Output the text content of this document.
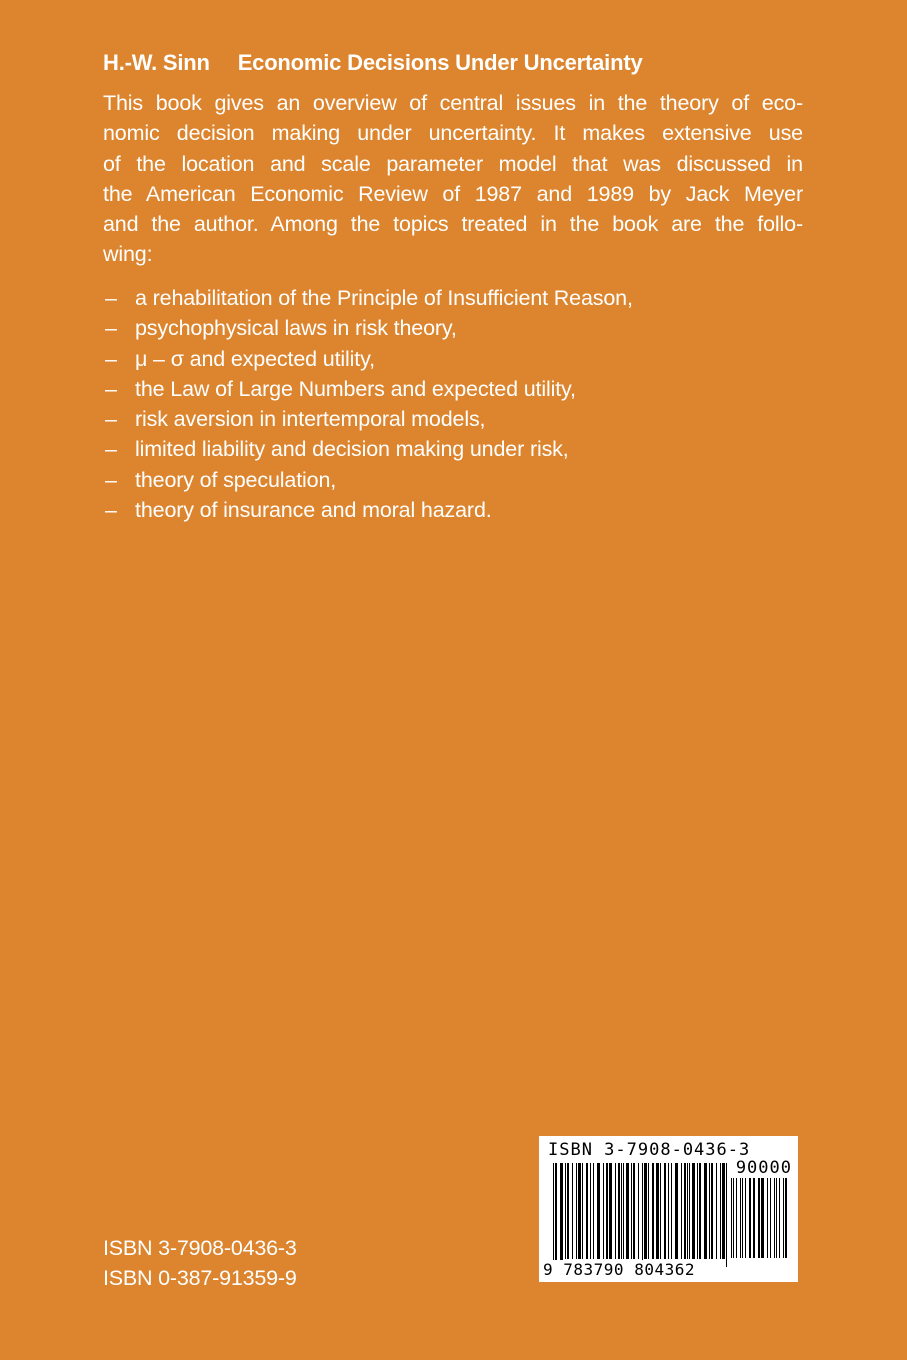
H.-W. Sinn Economic Decisions Under Uncertainty
This book gives an overview of central issues in the theory of eco-
nomic decision making under uncertainty. It makes extensive use
of the location and scale parameter model that was discussed in
the American Economic Review of 1987 and 1989 by Jack Meyer
and the author. Among the topics treated in the book are the follo-
wing:
– a rehabilitation of the Principle of Insufficient Reason,
– psychophysical laws in risk theory,
– μ – σ and expected utility,
– the Law of Large Numbers and expected utility,
– risk aversion in intertemporal models,
– limited liability and decision making under risk,
– theory of speculation,
– theory of insurance and moral hazard.
ISBN 3-7908-0436-3
ISBN 0-387-91359-9
ISBN 3-7908-0436-3
90000
9 783790 804362
